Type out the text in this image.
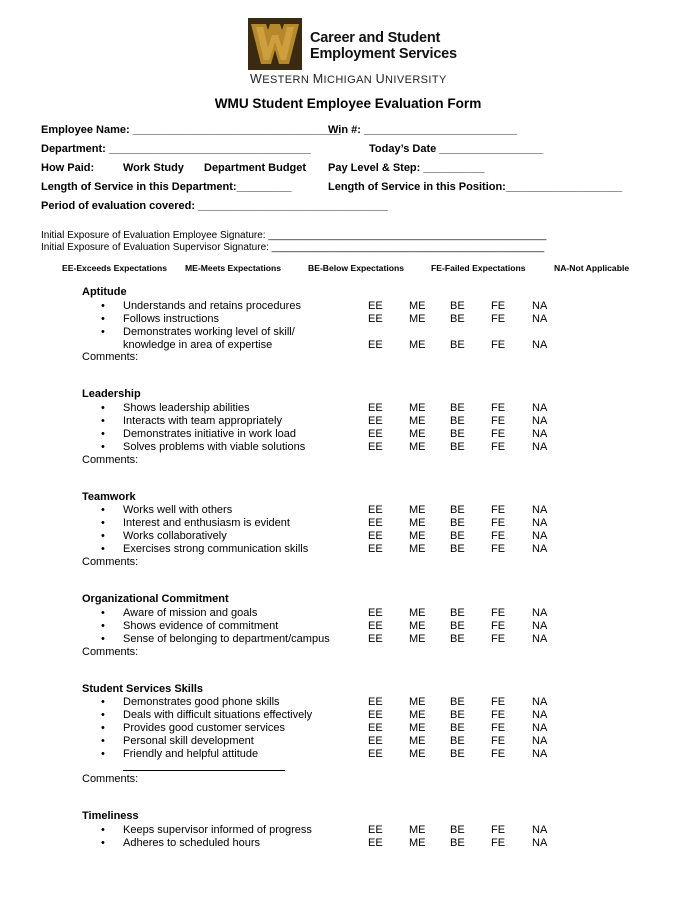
Career and Student
Employment Services
WESTERN MICHIGAN UNIVERSITY
WMU Student Employee Evaluation Form
Employee Name: __________________________________
Win #: _________________________
Department: _________________________________	Today’s Date _________________
How Paid:	Work Study Department Budget Pay Level & Step: __________
Length of Service in this Department:_________	Length of Service in this Position:___________________
Period of evaluation covered: _______________________________
Initial Exposure of Evaluation Employee Signature: __________________________________________________
Initial Exposure of Evaluation Supervisor Signature: _________________________________________________
EE-Exceeds Expectations ME-Meets Expectations	BE-Below Expectations	FE-Failed Expectations	NA-Not Applicable
Aptitude
• Understands and retains procedures	EE ME BE FE NA
• Follows instructions	EE ME BE FE NA
• Demonstrates working level of skill/
knowledge in area of expertise	EE ME BE FE NA
Comments:
Leadership
• Shows leadership abilities	EE ME BE FE NA
• Interacts with team appropriately	EE ME BE FE NA
• Demonstrates initiative in work load	EE ME BE FE NA
• Solves problems with viable solutions	EE ME BE FE NA
Comments:
Teamwork
• Works well with others	EE ME BE FE NA
• Interest and enthusiasm is evident	EE ME BE FE NA
• Works collaboratively	EE ME BE FE NA
• Exercises strong communication skills	EE ME BE FE NA
Comments:
Organizational Commitment
• Aware of mission and goals	EE ME BE FE NA
• Shows evidence of commitment	EE ME BE FE NA
• Sense of belonging to department/campus	EE ME BE FE NA
Comments:
Student Services Skills
• Demonstrates good phone skills	EE ME BE FE NA
• Deals with difficult situations effectively	EE ME BE FE NA
• Provides good customer services	EE ME BE FE NA
• Personal skill development	EE ME BE FE NA
• Friendly and helpful attitude	EE ME BE FE NA
Comments:
Timeliness
• Keeps supervisor informed of progress	EE ME BE FE NA
• Adheres to scheduled hours	EE ME BE FE NA
